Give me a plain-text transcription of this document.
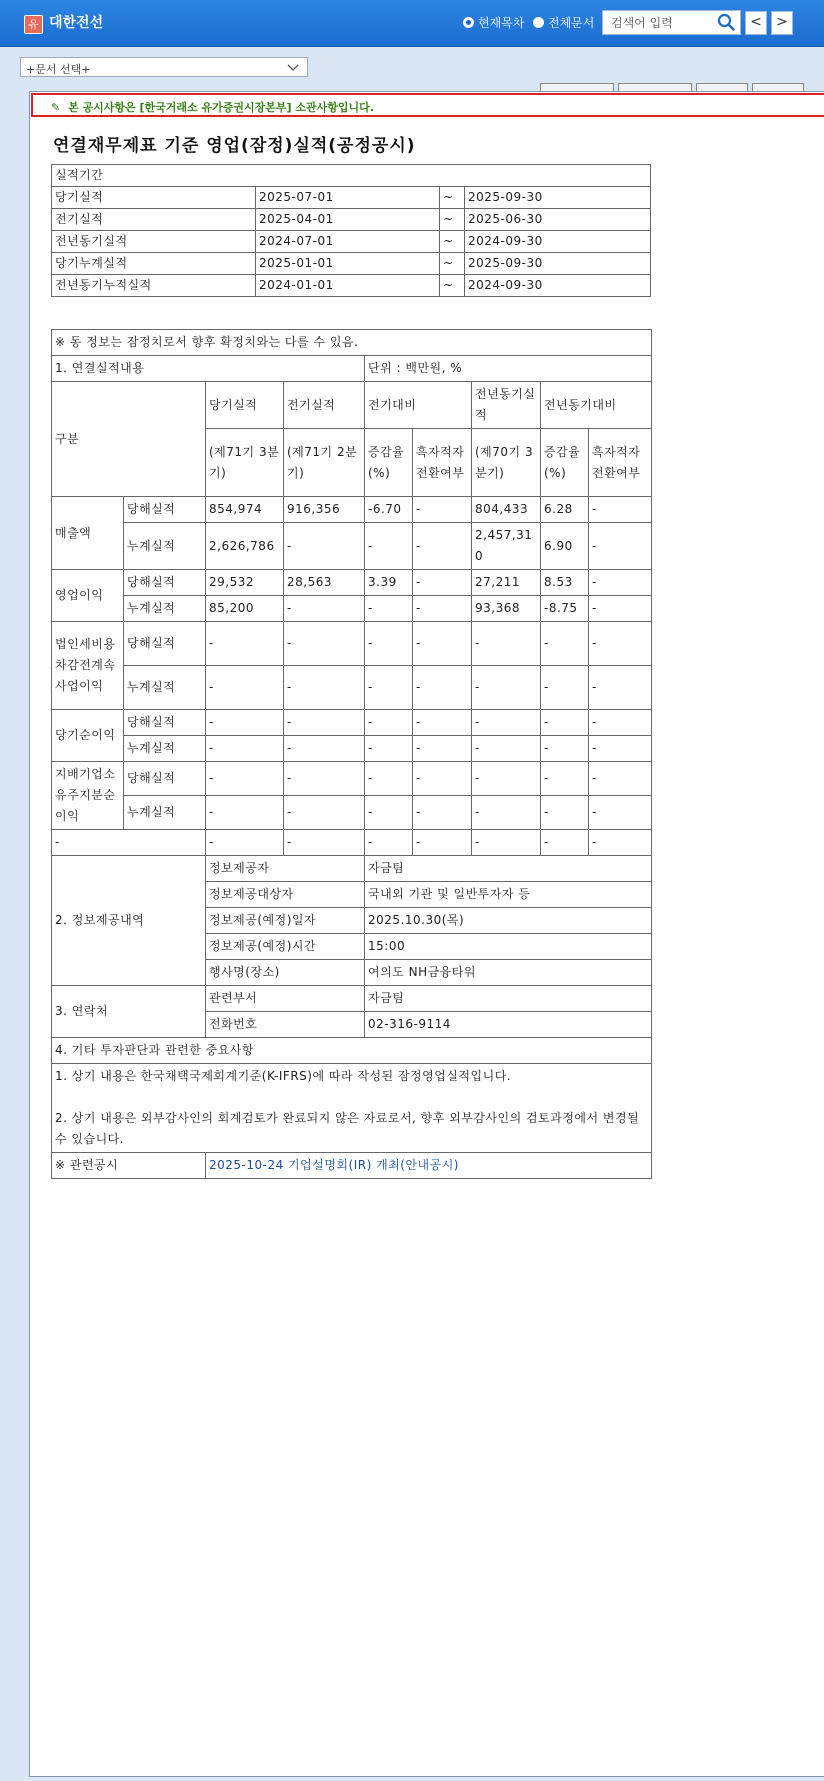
유 대한전선	현재목차 전체문서	검색어 입력	<	>
+문서 선택+
✎ 본 공시사항은 [한국거래소 유가증권시장본부] 소관사항입니다.
연결재무제표 기준 영업(잠정)실적(공정공시)
실적기간			
당기실적	2025-07-01	~	2025-09-30
전기실적	2025-04-01	~	2025-06-30
전년동기실적	2024-07-01	~	2024-09-30
당기누계실적	2025-01-01	~	2025-09-30
전년동기누적실적	2024-01-01	~	2024-09-30
※ 동 정보는 잠정치로서 향후 확정치와는 다를 수 있음.								
1. 연결실적내용				단위 : 백만원, %				
구분		당기실적	전기실적	전기대비		전년동기실적	전년동기대비	
		(제71기 3분기)	(제71기 2분기)	증감율(%)	흑자적자전환여부	(제70기 3분기)	증감율(%)	흑자적자전환여부
매출액	당해실적	854,974	916,356	-6.70	-	804,433	6.28	-
	누계실적	2,626,786	-	-	-	2,457,310	6.90	-
영업이익	당해실적	29,532	28,563	3.39	-	27,211	8.53	-
	누계실적	85,200	-	-	-	93,368	-8.75	-
법인세비용차감전계속사업이익	당해실적	-	-	-	-	-	-	-
	누계실적	-	-	-	-	-	-	-
당기순이익	당해실적	-	-	-	-	-	-	-
	누계실적	-	-	-	-	-	-	-
지배기업소유주지분순이익	당해실적	-	-	-	-	-	-	-
	누계실적	-	-	-	-	-	-	-
-		-	-	-	-	-	-	-
2. 정보제공내역		정보제공자		자금팀				
		정보제공대상자		국내외 기관 및 일반투자자 등				
		정보제공(예정)일자		2025.10.30(목)				
		정보제공(예정)시간		15:00				
		행사명(장소)		여의도 NH금융타워				
3. 연락처		관련부서		자금팀				
		전화번호		02-316-9114				
4. 기타 투자판단과 관련한 중요사항								

1. 상기 내용은 한국채택국제회계기준(K-IFRS)에 따라 작성된 잠정영업실적입니다.
2. 상기 내용은 외부감사인의 회계검토가 완료되지 않은 자료로서, 향후 외부감사인의 검토과정에서 변경될 수 있습니다.								

※ 관련공시		2025-10-24 기업설명회(IR) 개최(안내공시)						
